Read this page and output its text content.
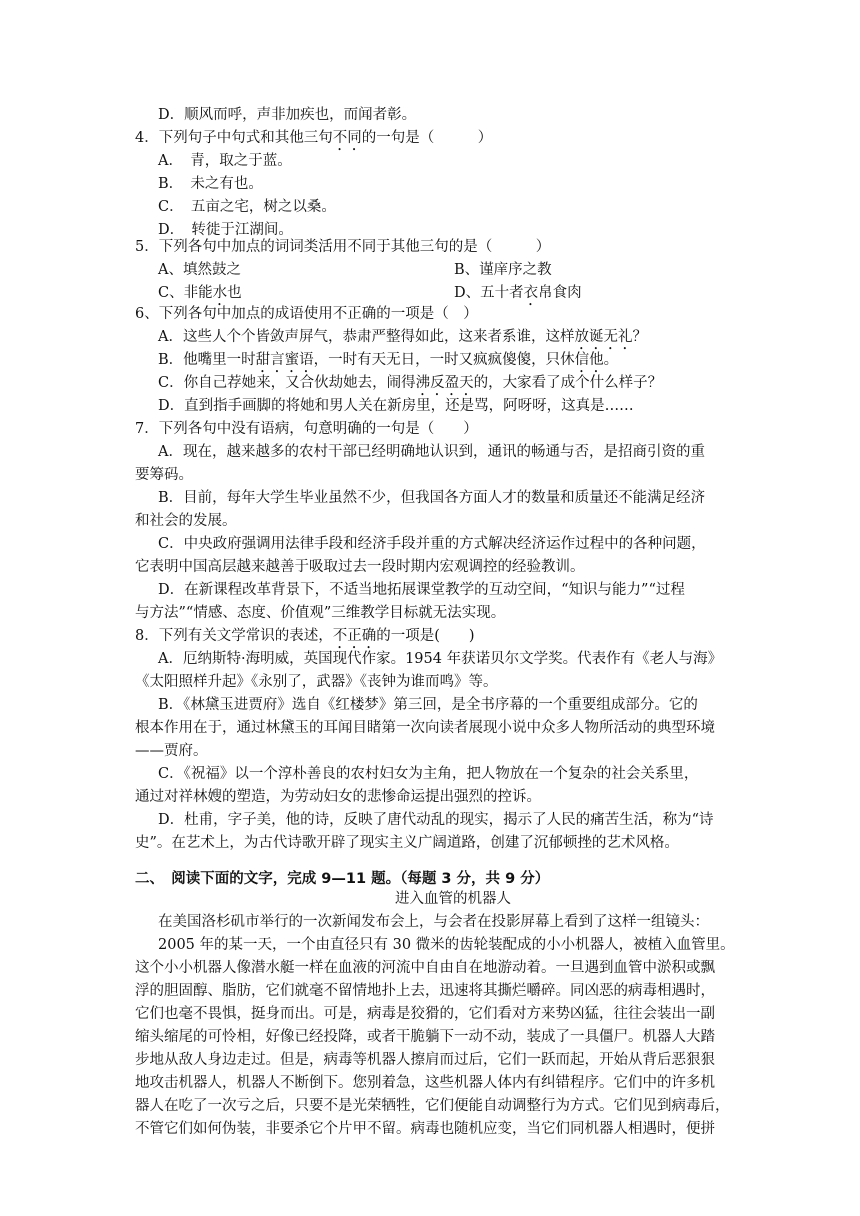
D．顺风而呼，声非加疾也，而闻者彰。
4．下列句子中句式和其他三句不同的一句是（　　　）
A．　青，取之于蓝。
B．　未之有也。
C．　五亩之宅，树之以桑。
D．　转徙于江湖间。
5．下列各句中加点的词词类活用不同于其他三句的是（　　　）
A、填然鼓之	B、谨庠序之教
C、非能水也	D、五十者衣帛食肉
6、下列各句中加点的成语使用不正确的一项是（　）
A．这些人个个皆敛声屏气，恭肃严整得如此，这来者系谁，这样放诞无礼？
B．他嘴里一时甜言蜜语，一时有天无日，一时又疯疯傻傻，只休信他。
C．你自己荐她来，又合伙劫她去，闹得沸反盈天的，大家看了成个什么样子？
D．直到指手画脚的将她和男人关在新房里，还是骂，阿呀呀，这真是……
7．下列各句中没有语病，句意明确的一句是（　　）
A．现在，越来越多的农村干部已经明确地认识到，通讯的畅通与否，是招商引资的重
要筹码。
B．目前，每年大学生毕业虽然不少，但我国各方面人才的数量和质量还不能满足经济
和社会的发展。
C．中央政府强调用法律手段和经济手段并重的方式解决经济运作过程中的各种问题，
它表明中国高层越来越善于吸取过去一段时期内宏观调控的经验教训。
D．在新课程改革背景下，不适当地拓展课堂教学的互动空间，“知识与能力”“过程
与方法”“情感、态度、价值观”三维教学目标就无法实现。
8．下列有关文学常识的表述，不正确的一项是(　　)
A．厄纳斯特·海明威，英国现代作家。1954 年获诺贝尔文学奖。代表作有《老人与海》
《太阳照样升起》《永别了，武器》《丧钟为谁而鸣》等。
B．《林黛玉进贾府》选自《红楼梦》第三回，是全书序幕的一个重要组成部分。它的
根本作用在于，通过林黛玉的耳闻目睹第一次向读者展现小说中众多人物所活动的典型环境
——贾府。
C．《祝福》以一个淳朴善良的农村妇女为主角，把人物放在一个复杂的社会关系里，
通过对祥林嫂的塑造，为劳动妇女的悲惨命运提出强烈的控诉。
D．杜甫，字子美，他的诗，反映了唐代动乱的现实，揭示了人民的痛苦生活，称为“诗
史”。在艺术上，为古代诗歌开辟了现实主义广阔道路，创建了沉郁顿挫的艺术风格。
二、　阅读下面的文字，完成 9—11 题。（每题 3 分，共 9 分）
进入血管的机器人
在美国洛杉矶市举行的一次新闻发布会上，与会者在投影屏幕上看到了这样一组镜头：
2005 年的某一天，一个由直径只有 30 微米的齿轮装配成的小小机器人，被植入血管里。
这个小小机器人像潜水艇一样在血液的河流中自由自在地游动着。一旦遇到血管中淤积或飘
浮的胆固醇、脂肪，它们就毫不留情地扑上去，迅速将其撕烂嚼碎。同凶恶的病毒相遇时，
它们也毫不畏惧，挺身而出。可是，病毒是狡猾的，它们看对方来势凶猛，往往会装出一副
缩头缩尾的可怜相，好像已经投降，或者干脆躺下一动不动，装成了一具僵尸。机器人大踏
步地从敌人身边走过。但是，病毒等机器人擦肩而过后，它们一跃而起，开始从背后恶狠狠
地攻击机器人，机器人不断倒下。您别着急，这些机器人体内有纠错程序。它们中的许多机
器人在吃了一次亏之后，只要不是光荣牺牲，它们便能自动调整行为方式。它们见到病毒后，
不管它们如何伪装，非要杀它个片甲不留。病毒也随机应变，当它们同机器人相遇时，便拼
